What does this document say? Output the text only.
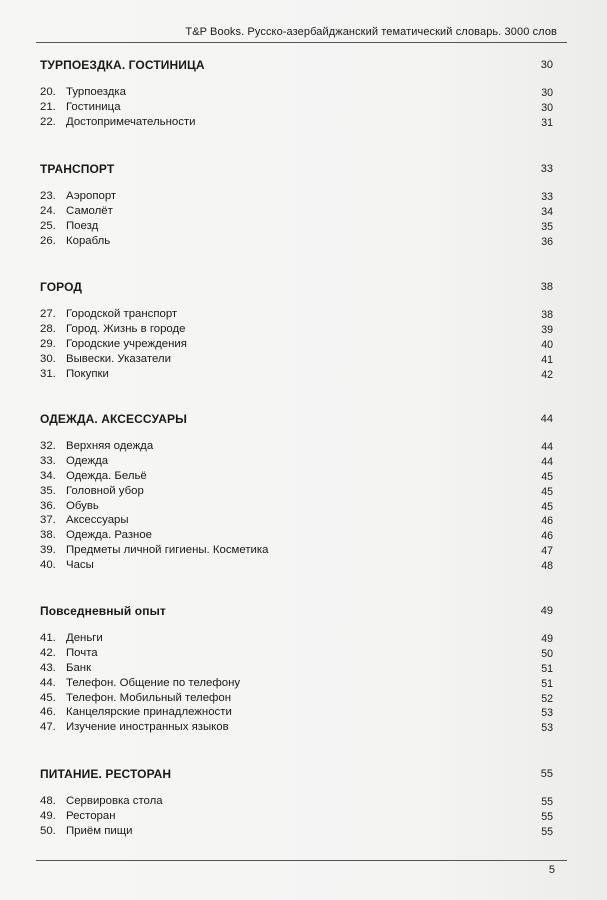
T&P Books. Русско-азербайджанский тематический словарь. 3000 слов
ТУРПОЕЗДКА. ГОСТИНИЦА	30
20. Турпоездка	30
21. Гостиница	30
22. Достопримечательности	31
ТРАНСПОРТ	33
23. Аэропорт	33
24. Самолёт	34
25. Поезд	35
26. Корабль	36
ГОРОД	38
27. Городской транспорт	38
28. Город. Жизнь в городе	39
29. Городские учреждения	40
30. Вывески. Указатели	41
31. Покупки	42
ОДЕЖДА. АКСЕССУАРЫ	44
32. Верхняя одежда	44
33. Одежда	44
34. Одежда. Бельё	45
35. Головной убор	45
36. Обувь	45
37. Аксессуары	46
38. Одежда. Разное	46
39. Предметы личной гигиены. Косметика	47
40. Часы	48
Повседневный опыт	49
41. Деньги	49
42. Почта	50
43. Банк	51
44. Телефон. Общение по телефону	51
45. Телефон. Мобильный телефон	52
46. Канцелярские принадлежности	53
47. Изучение иностранных языков	53
ПИТАНИЕ. РЕСТОРАН	55
48. Сервировка стола	55
49. Ресторан	55
50. Приём пищи	55
5
